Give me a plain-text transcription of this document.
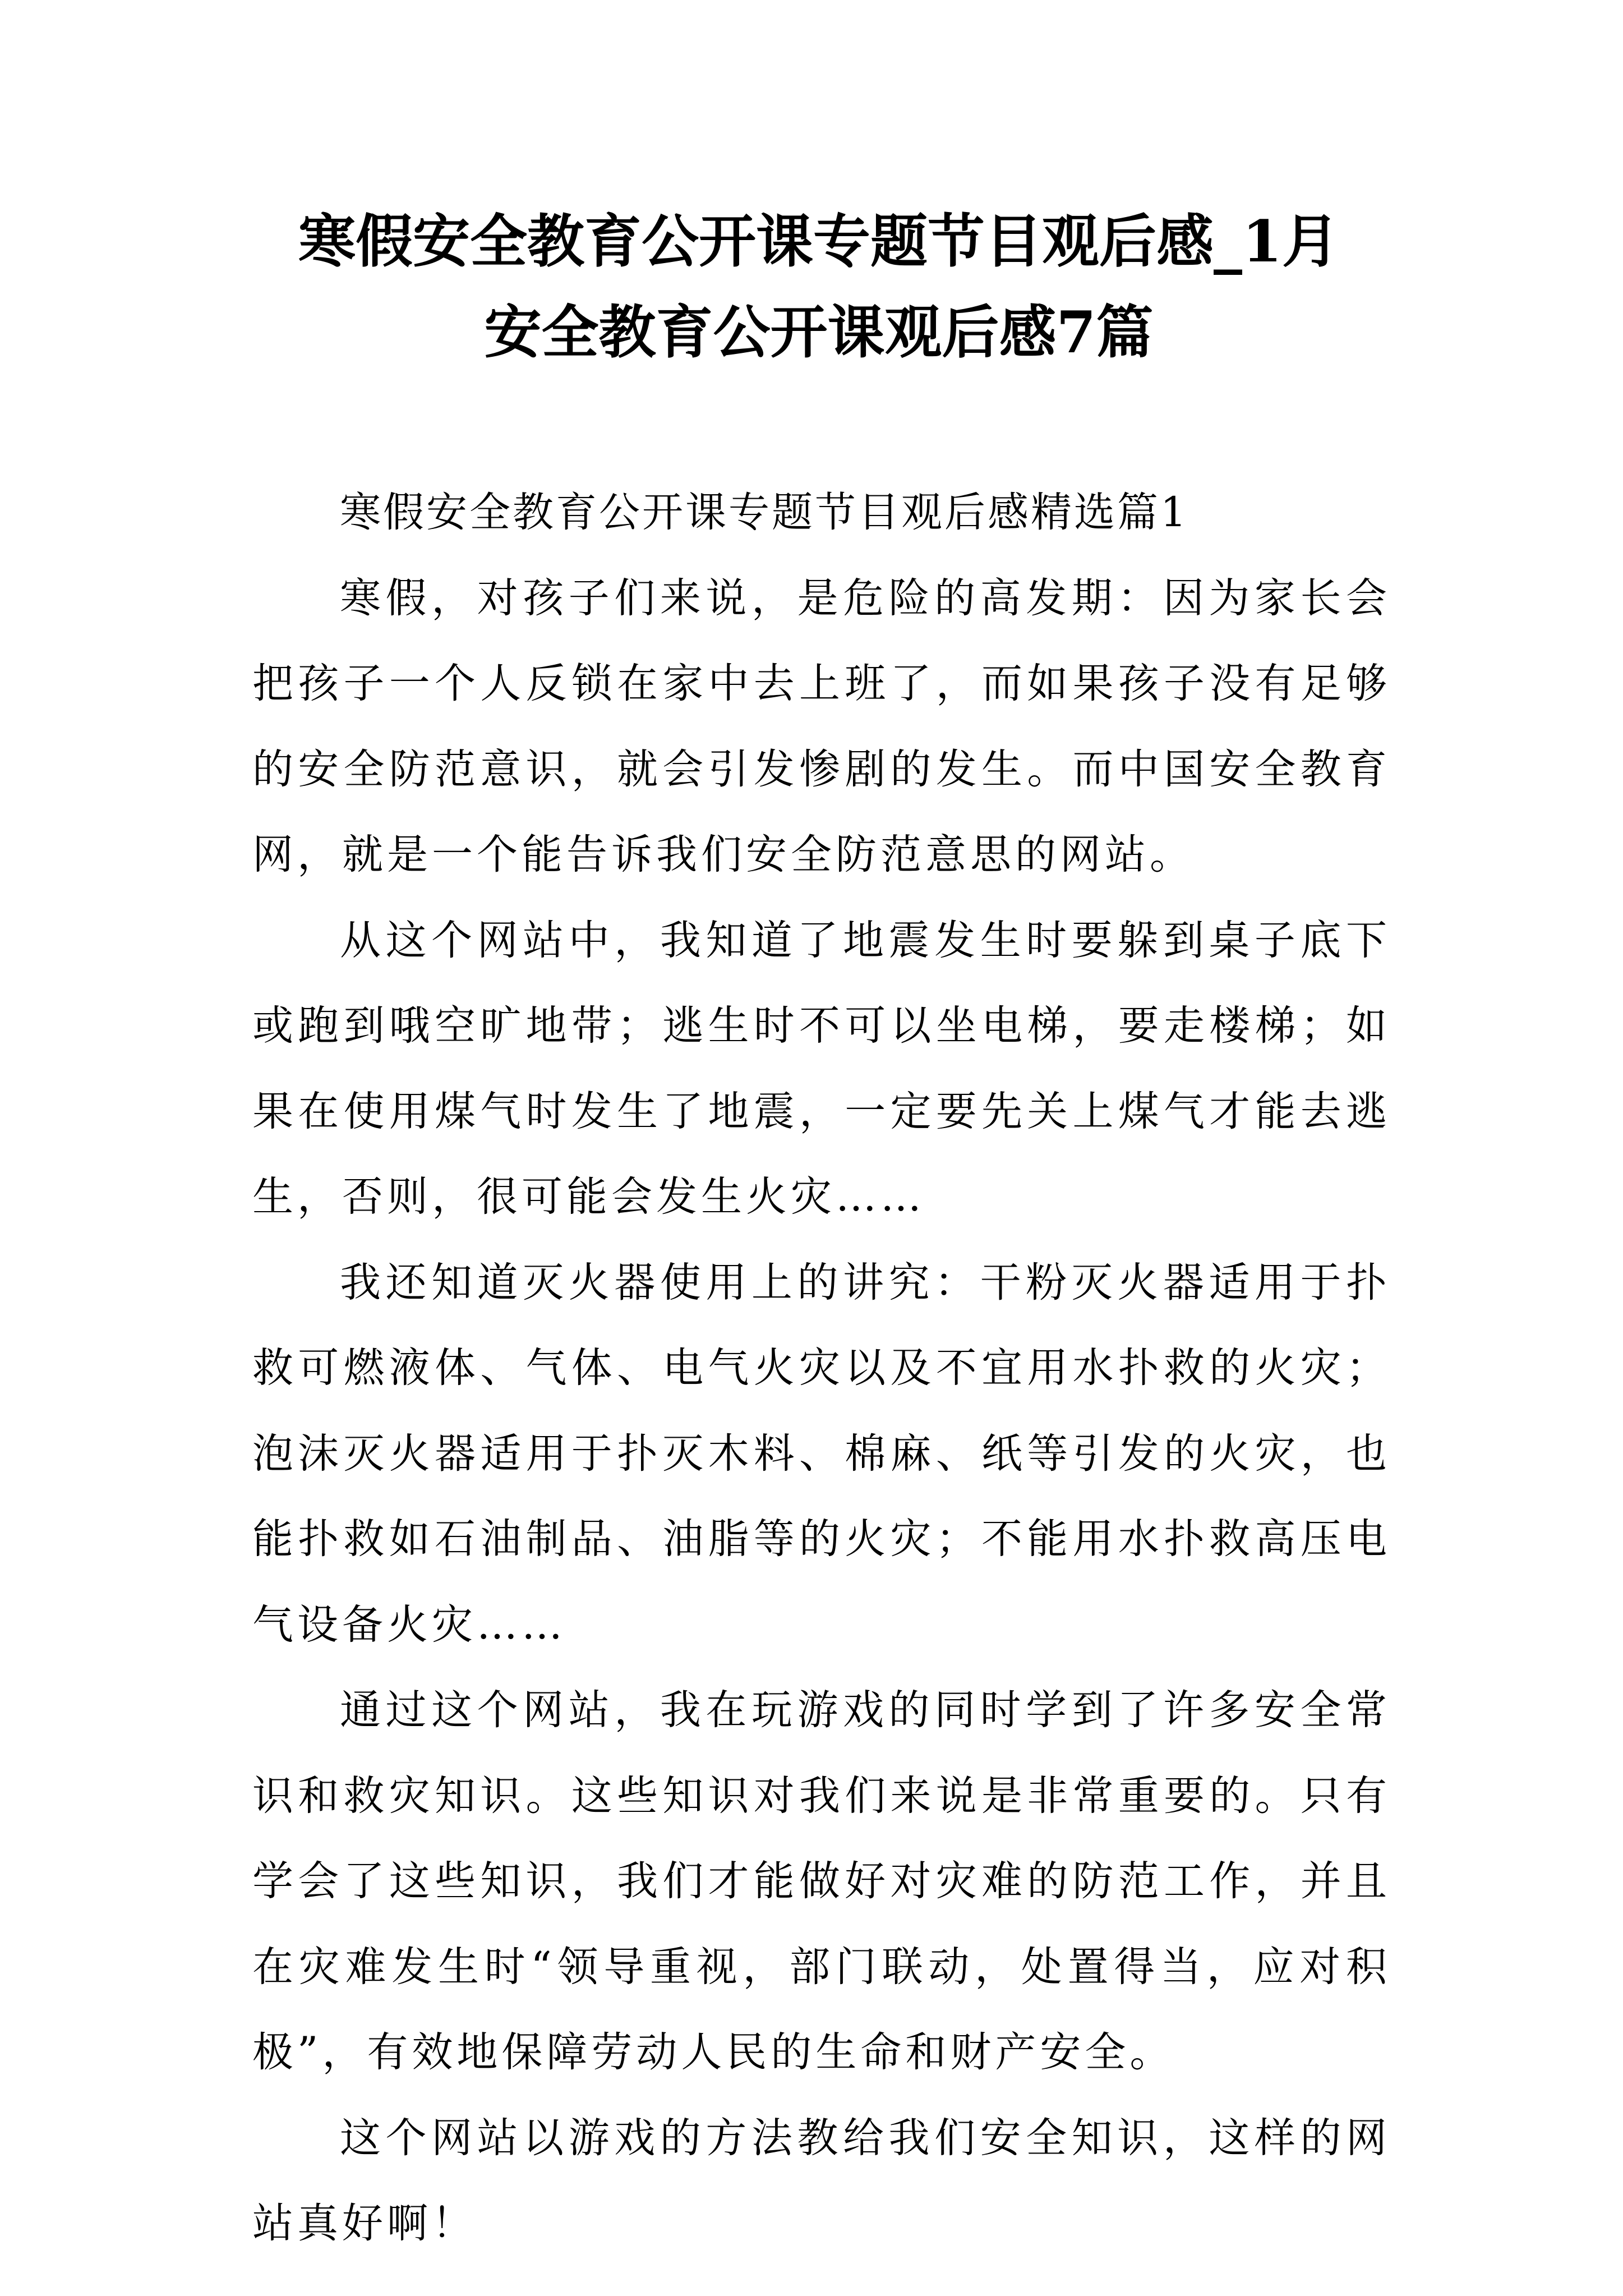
寒假安全教育公开课专题节目观后感_1月
安全教育公开课观后感7篇

寒假安全教育公开课专题节目观后感精选篇1

寒假，对孩子们来说，是危险的高发期：因为家长会把孩子一个人反锁在家中去上班了，而如果孩子没有足够的安全防范意识，就会引发惨剧的发生。而中国安全教育网，就是一个能告诉我们安全防范意思的网站。

从这个网站中，我知道了地震发生时要躲到桌子底下或跑到哦空旷地带；逃生时不可以坐电梯，要走楼梯；如果在使用煤气时发生了地震，一定要先关上煤气才能去逃生，否则，很可能会发生火灾……

我还知道灭火器使用上的讲究：干粉灭火器适用于扑救可燃液体、气体、电气火灾以及不宜用水扑救的火灾；泡沫灭火器适用于扑灭木料、棉麻、纸等引发的火灾，也能扑救如石油制品、油脂等的火灾；不能用水扑救高压电气设备火灾……

通过这个网站，我在玩游戏的同时学到了许多安全常识和救灾知识。这些知识对我们来说是非常重要的。只有学会了这些知识，我们才能做好对灾难的防范工作，并且在灾难发生时“领导重视，部门联动，处置得当，应对积极”，有效地保障劳动人民的生命和财产安全。

这个网站以游戏的方法教给我们安全知识，这样的网站真好啊！
